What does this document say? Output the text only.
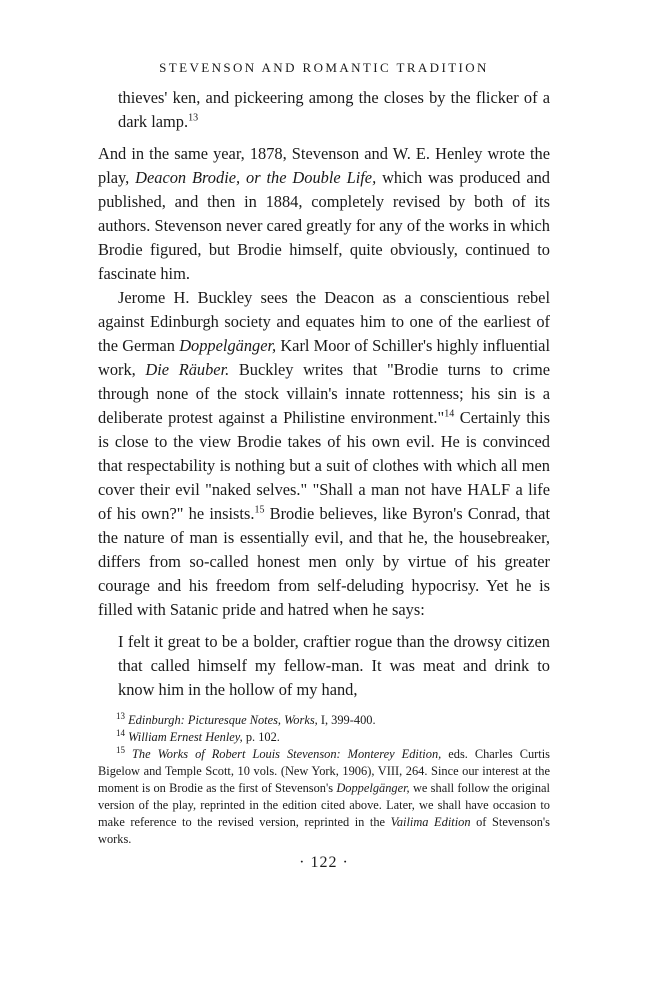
STEVENSON AND ROMANTIC TRADITION

thieves' ken, and pickeering among the closes by the flicker of a dark lamp.$^{13}$

And in the same year, 1878, Stevenson and W. E. Henley wrote the play, Deacon Brodie, or the Double Life, which was produced and published, and then in 1884, completely revised by both of its authors. Stevenson never cared greatly for any of the works in which Brodie figured, but Brodie himself, quite obviously, continued to fascinate him.

Jerome H. Buckley sees the Deacon as a conscientious rebel against Edinburgh society and equates him to one of the earliest of the German Doppelgänger, Karl Moor of Schiller's highly influential work, Die Räuber. Buckley writes that "Brodie turns to crime through none of the stock villain's innate rottenness; his sin is a deliberate protest against a Philistine environment."$^{14}$ Certainly this is close to the view Brodie takes of his own evil. He is convinced that respectability is nothing but a suit of clothes with which all men cover their evil "naked selves." "Shall a man not have HALF a life of his own?" he insists.$^{15}$ Brodie believes, like Byron's Conrad, that the nature of man is essentially evil, and that he, the housebreaker, differs from so-called honest men only by virtue of his greater courage and his freedom from self-deluding hypocrisy. Yet he is filled with Satanic pride and hatred when he says:

I felt it great to be a bolder, craftier rogue than the drowsy citizen that called himself my fellow-man. It was meat and drink to know him in the hollow of my hand,

$^{13}$ Edinburgh: Picturesque Notes, Works, I, 399-400.

$^{14}$ William Ernest Henley, p. 102.

$^{15}$ The Works of Robert Louis Stevenson: Monterey Edition, eds. Charles Curtis Bigelow and Temple Scott, 10 vols. (New York, 1906), VIII, 264. Since our interest at the moment is on Brodie as the first of Stevenson's Doppelgänger, we shall follow the original version of the play, reprinted in the edition cited above. Later, we shall have occasion to make reference to the revised version, reprinted in the Vailima Edition of Stevenson's works.

· 122 ·
